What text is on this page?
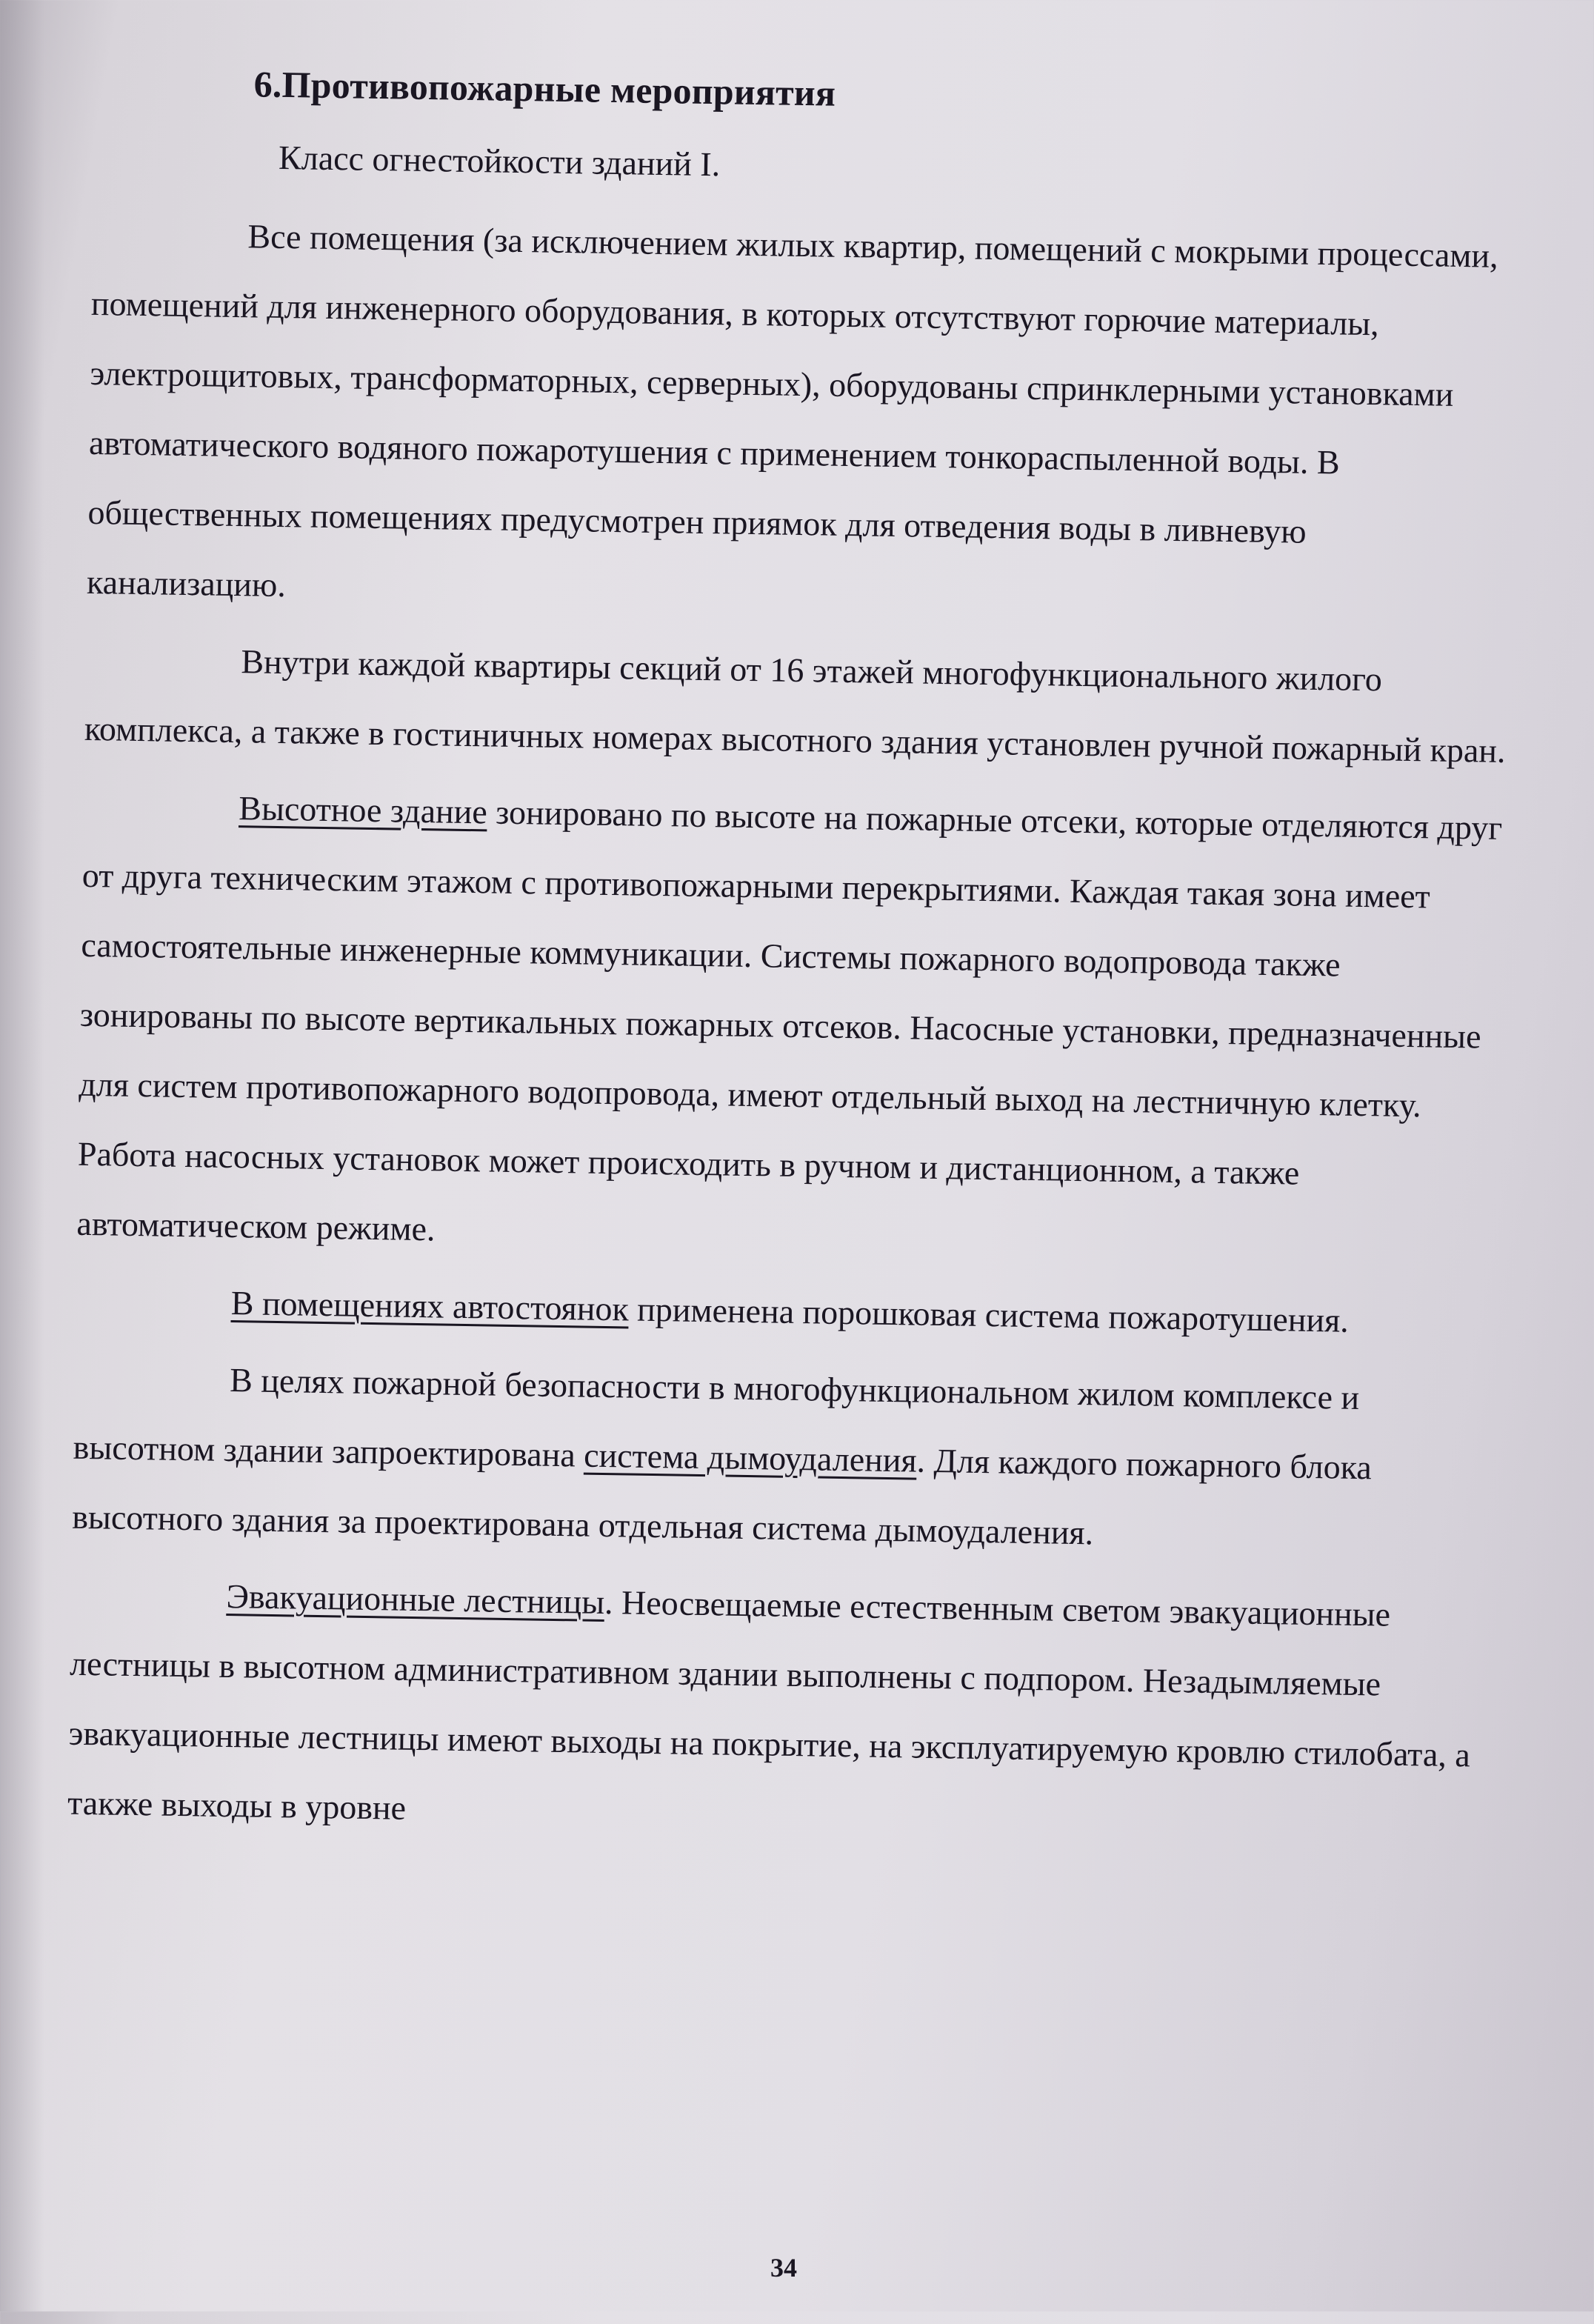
6.Противопожарные мероприятия
Класс огнестойкости зданий I.

Все помещения (за исключением жилых квартир, помещений с мокрыми процессами, помещений для инженерного оборудования, в которых отсутствуют горючие материалы, электрощитовых, трансформаторных, серверных), оборудованы спринклерными установками автоматического водяного пожаротушения с применением тонкораспыленной воды. В общественных помещениях предусмотрен приямок для отведения воды в ливневую канализацию.

Внутри каждой квартиры секций от 16 этажей многофункционального жилого комплекса, а также в гостиничных номерах высотного здания установлен ручной пожарный кран.

Высотное здание зонировано по высоте на пожарные отсеки, которые отделяются друг от друга техническим этажом с противопожарными перекрытиями. Каждая такая зона имеет самостоятельные инженерные коммуникации. Системы пожарного водопровода также зонированы по высоте вертикальных пожарных отсеков. Насосные установки, предназначенные для систем противопожарного водопровода, имеют отдельный выход на лестничную клетку. Работа насосных установок может происходить в ручном и дистанционном, а также автоматическом режиме.

В помещениях автостоянок применена порошковая система пожаротушения.

В целях пожарной безопасности в многофункциональном жилом комплексе и высотном здании запроектирована система дымоудаления. Для каждого пожарного блока высотного здания за проектирована отдельная система дымоудаления.

Эвакуационные лестницы. Неосвещаемые естественным светом эвакуационные лестницы в высотном административном здании выполнены с подпором. Незадымляемые эвакуационные лестницы имеют выходы на покрытие, на эксплуатируемую кровлю стилобата, а также выходы в уровне

34
